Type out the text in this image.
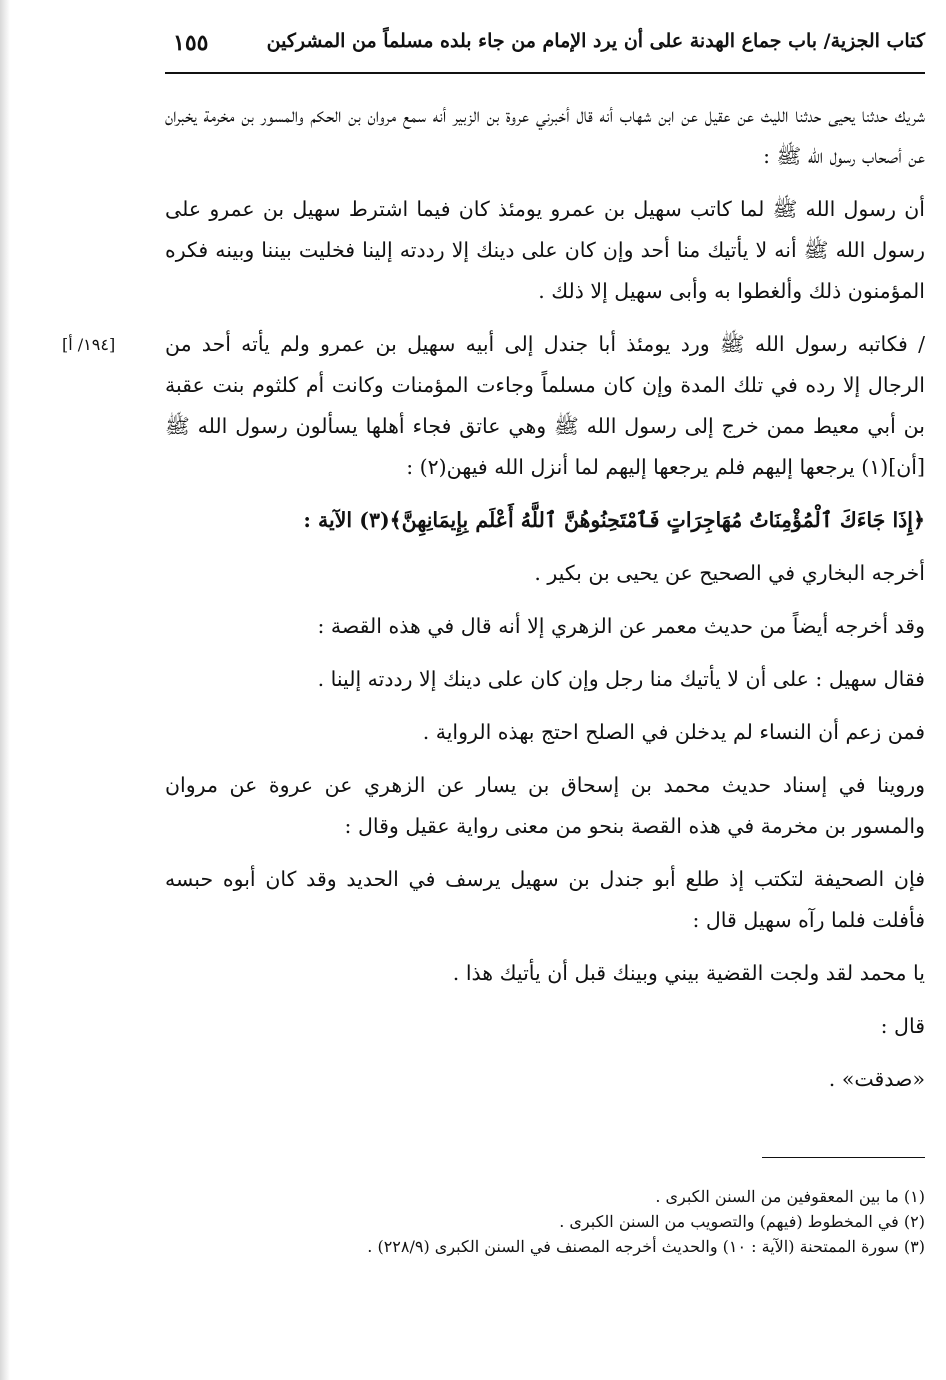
كتاب الجزية/ باب جماع الهدنة على أن يرد الإمام من جاء بلده مسلماً من المشركين
١٥٥

شريك حدثنا يحيى حدثنا الليث عن عقيل عن ابن شهاب أنه قال أخبرني عروة بن الزبير أنه سمع مروان بن الحكم والمسور بن مخرمة يخبران عن أصحاب رسول الله ﷺ :

أن رسول الله ﷺ لما كاتب سهيل بن عمرو يومئذ كان فيما اشترط سهيل بن عمرو على رسول الله ﷺ أنه لا يأتيك منا أحد وإن كان على دينك إلا رددته إلينا فخليت بيننا وبينه فكره المؤمنون ذلك وألغطوا به وأبى سهيل إلا ذلك .

[١٩٤/ أ] / فكاتبه رسول الله ﷺ ورد يومئذ أبا جندل إلى أبيه سهيل بن عمرو ولم يأته أحد من الرجال إلا رده في تلك المدة وإن كان مسلماً وجاءت المؤمنات وكانت أم كلثوم بنت عقبة بن أبي معيط ممن خرج إلى رسول الله ﷺ وهي عاتق فجاء أهلها يسألون رسول الله ﷺ [أن](١) يرجعها إليهم فلم يرجعها إليهم لما أنزل الله فيهن(٢) :

﴿إِذَا جَاءَكَ ٱلْمُؤْمِنَاتُ مُهَاجِرَاتٍ فَٱمْتَحِنُوهُنَّ ٱللَّهُ أَعْلَم بِإِيمَانِهِنَّ﴾(٣) الآية :

أخرجه البخاري في الصحيح عن يحيى بن بكير .

وقد أخرجه أيضاً من حديث معمر عن الزهري إلا أنه قال في هذه القصة :

فقال سهيل : على أن لا يأتيك منا رجل وإن كان على دينك إلا رددته إلينا .

فمن زعم أن النساء لم يدخلن في الصلح احتج بهذه الرواية .

وروينا في إسناد حديث محمد بن إسحاق بن يسار عن الزهري عن عروة عن مروان والمسور بن مخرمة في هذه القصة بنحو من معنى رواية عقيل وقال :

فإن الصحيفة لتكتب إذ طلع أبو جندل بن سهيل يرسف في الحديد وقد كان أبوه حبسه فأفلت فلما رآه سهيل قال :

يا محمد لقد ولجت القضية بيني وبينك قبل أن يأتيك هذا .

قال :

«صدقت» .

(١) ما بين المعقوفين من السنن الكبرى .
(٢) في المخطوط (فيهم) والتصويب من السنن الكبرى .
(٣) سورة الممتحنة (الآية : ١٠) والحديث أخرجه المصنف في السنن الكبرى (٢٢٨/٩) .
